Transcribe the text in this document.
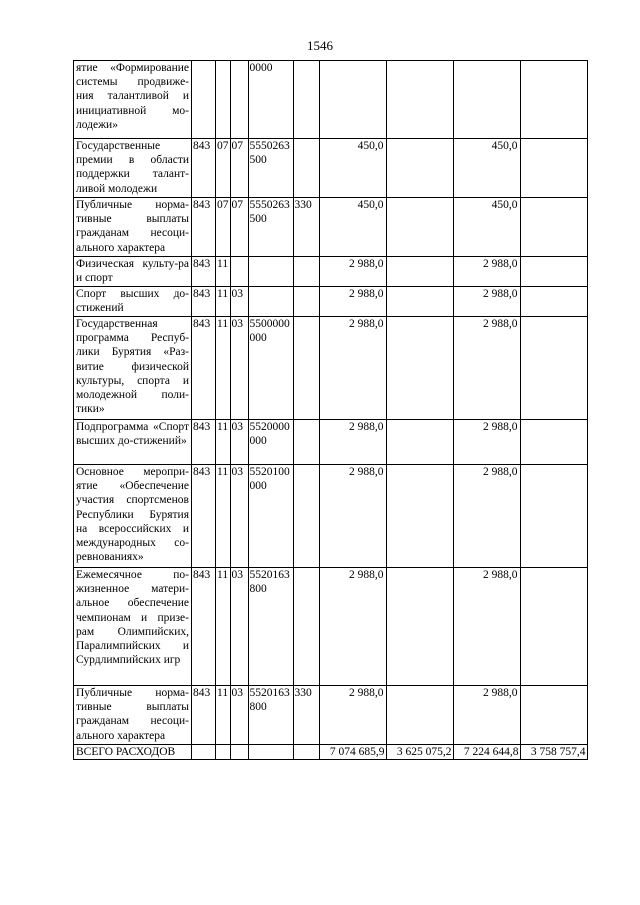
1546
ятие «Формирование системы продвиже-ния талантливой и инициативной мо-лодежи»				0000					
Государственные премии в области поддержки талант-ливой молодежи	843	07	07	5550263500		450,0		450,0	
Публичные норма-тивные выплаты гражданам несоци-ального характера	843	07	07	5550263500	330	450,0		450,0	
Физическая культу-ра и спорт	843	11				2 988,0		2 988,0	
Спорт высших до-стижений	843	11	03			2 988,0		2 988,0	
Государственная программа Респуб-лики Бурятия «Раз-витие физической культуры, спорта и молодежной поли-тики»	843	11	03	5500000000		2 988,0		2 988,0	
Подпрограмма «Спорт высших до-стижений»	843	11	03	5520000000		2 988,0		2 988,0	
Основное меропри-ятие «Обеспечение участия спортсменов Республики Бурятия на всероссийских и международных со-ревнованиях»	843	11	03	5520100000		2 988,0		2 988,0	
Ежемесячное по-жизненное матери-альное обеспечение чемпионам и призе-рам Олимпийских, Паралимпийских и Сурдлимпийских игр	843	11	03	5520163800		2 988,0		2 988,0	
Публичные норма-тивные выплаты гражданам несоци-ального характера	843	11	03	5520163800	330	2 988,0		2 988,0	
ВСЕГО РАСХОДОВ						7 074 685,9	3 625 075,2	7 224 644,8	3 758 757,4
